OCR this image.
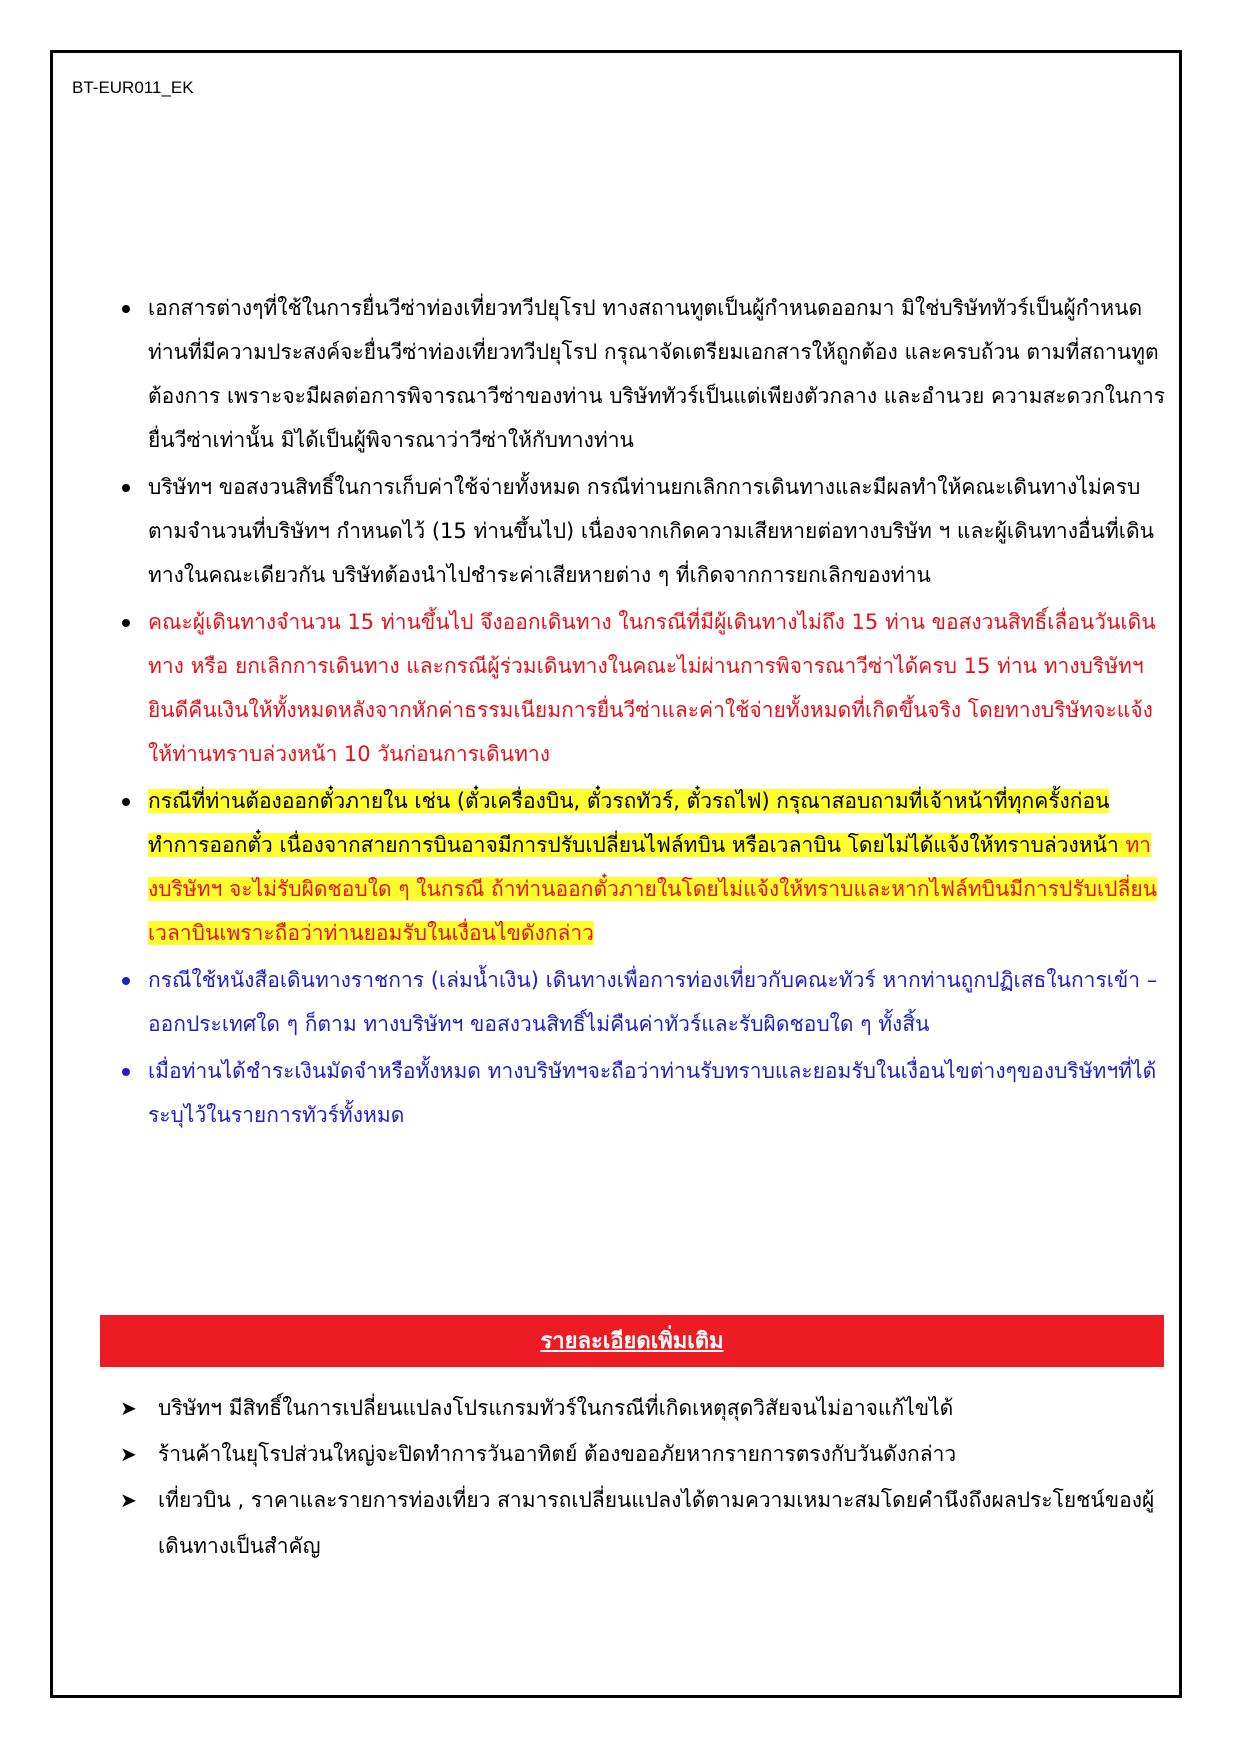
BT-EUR011_EK
เอกสารต่างๆที่ใช้ในการยื่นวีซ่าท่องเที่ยวทวีปยุโรป ทางสถานทูตเป็นผู้กำหนดออกมา มิใช่บริษัททัวร์เป็นผู้กำหนด ท่านที่มีความประสงค์จะยื่นวีซ่าท่องเที่ยวทวีปยุโรป กรุณาจัดเตรียมเอกสารให้ถูกต้อง และครบถ้วน ตามที่สถานทูตต้องการ เพราะจะมีผลต่อการพิจารณาวีซ่าของท่าน บริษัททัวร์เป็นแต่เพียงตัวกลาง และอำนวย ความสะดวกในการยื่นวีซ่าเท่านั้น มิได้เป็นผู้พิจารณาว่าวีซ่าให้กับทางท่าน
บริษัทฯ ขอสงวนสิทธิ์ในการเก็บค่าใช้จ่ายทั้งหมด กรณีท่านยกเลิกการเดินทางและมีผลทำให้คณะเดินทางไม่ครบตามจำนวนที่บริษัทฯ กำหนดไว้ (15 ท่านขึ้นไป) เนื่องจากเกิดความเสียหายต่อทางบริษัท ฯ และผู้เดินทางอื่นที่เดินทางในคณะเดียวกัน บริษัทต้องนำไปชำระค่าเสียหายต่าง ๆ ที่เกิดจากการยกเลิกของท่าน
คณะผู้เดินทางจำนวน 15 ท่านขึ้นไป จึงออกเดินทาง ในกรณีที่มีผู้เดินทางไม่ถึง 15 ท่าน ขอสงวนสิทธิ์เลื่อนวันเดินทาง หรือ ยกเลิกการเดินทาง และกรณีผู้ร่วมเดินทางในคณะไม่ผ่านการพิจารณาวีซ่าได้ครบ 15 ท่าน ทางบริษัทฯยินดีคืนเงินให้ทั้งหมดหลังจากหักค่าธรรมเนียมการยื่นวีซ่าและค่าใช้จ่ายทั้งหมดที่เกิดขึ้นจริง โดยทางบริษัทจะแจ้งให้ท่านทราบล่วงหน้า 10 วันก่อนการเดินทาง
กรณีที่ท่านต้องออกตั๋วภายใน เช่น (ตั๋วเครื่องบิน, ตั๋วรถทัวร์, ตั๋วรถไฟ) กรุณาสอบถามที่เจ้าหน้าที่ทุกครั้งก่อนทำการออกตั๋ว เนื่องจากสายการบินอาจมีการปรับเปลี่ยนไฟล์ทบิน หรือเวลาบิน โดยไม่ได้แจ้งให้ทราบล่วงหน้า ทางบริษัทฯ จะไม่รับผิดชอบใด ๆ ในกรณี ถ้าท่านออกตั๋วภายในโดยไม่แจ้งให้ทราบและหากไฟล์ทบินมีการปรับเปลี่ยนเวลาบินเพราะถือว่าท่านยอมรับในเงื่อนไขดังกล่าว
กรณีใช้หนังสือเดินทางราชการ (เล่มน้ำเงิน) เดินทางเพื่อการท่องเที่ยวกับคณะทัวร์ หากท่านถูกปฏิเสธในการเข้า – ออกประเทศใด ๆ ก็ตาม ทางบริษัทฯ ขอสงวนสิทธิ์ไม่คืนค่าทัวร์และรับผิดชอบใด ๆ ทั้งสิ้น
เมื่อท่านได้ชำระเงินมัดจำหรือทั้งหมด ทางบริษัทฯจะถือว่าท่านรับทราบและยอมรับในเงื่อนไขต่างๆของบริษัทฯที่ได้ระบุไว้ในรายการทัวร์ทั้งหมด
รายละเอียดเพิ่มเติม
➤ บริษัทฯ มีสิทธิ์ในการเปลี่ยนแปลงโปรแกรมทัวร์ในกรณีที่เกิดเหตุสุดวิสัยจนไม่อาจแก้ไขได้
➤ ร้านค้าในยุโรปส่วนใหญ่จะปิดทำการวันอาทิตย์ ต้องขออภัยหากรายการตรงกับวันดังกล่าว
➤ เที่ยวบิน , ราคาและรายการท่องเที่ยว สามารถเปลี่ยนแปลงได้ตามความเหมาะสมโดยคำนึงถึงผลประโยชน์ของผู้เดินทางเป็นสำคัญ
